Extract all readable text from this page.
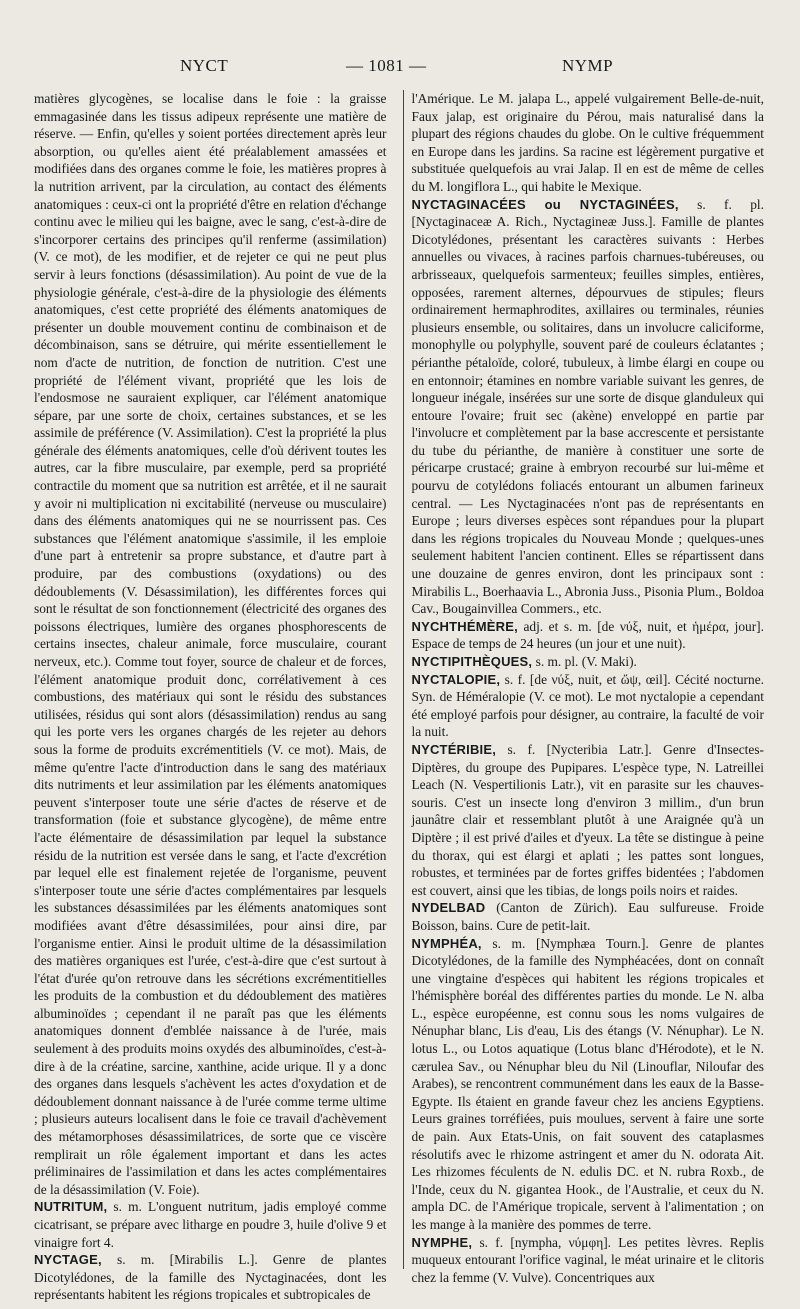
NYCT	— 1081 —	NYMP

matières glycogènes, se localise dans le foie : la graisse emmagasinée dans les tissus adipeux représente une matière de réserve. — Enfin, qu'elles y soient portées directement après leur absorption, ou qu'elles aient été préalablement amassées et modifiées dans des organes comme le foie, les matières propres à la nutrition arrivent, par la circulation, au contact des éléments anatomiques : ceux-ci ont la propriété d'être en relation d'échange continu avec le milieu qui les baigne, avec le sang, c'est-à-dire de s'incorporer certains des principes qu'il renferme (assimilation) (V. ce mot), de les modifier, et de rejeter ce qui ne peut plus servir à leurs fonctions (désassimilation). Au point de vue de la physiologie générale, c'est-à-dire de la physiologie des éléments anatomiques, c'est cette propriété des éléments anatomiques de présenter un double mouvement continu de combinaison et de décombinaison, sans se détruire, qui mérite essentiellement le nom d'acte de nutrition, de fonction de nutrition. C'est une propriété de l'élément vivant, propriété que les lois de l'endosmose ne sauraient expliquer, car l'élément anatomique sépare, par une sorte de choix, certaines substances, et se les assimile de préférence (V. Assimilation). C'est la propriété la plus générale des éléments anatomiques, celle d'où dérivent toutes les autres, car la fibre musculaire, par exemple, perd sa propriété contractile du moment que sa nutrition est arrêtée, et il ne saurait y avoir ni multiplication ni excitabilité (nerveuse ou musculaire) dans des éléments anatomiques qui ne se nourrissent pas. Ces substances que l'élément anatomique s'assimile, il les emploie d'une part à entretenir sa propre substance, et d'autre part à produire, par des combustions (oxydations) ou des dédoublements (V. Désassimilation), les différentes forces qui sont le résultat de son fonctionnement (électricité des organes des poissons électriques, lumière des organes phosphorescents de certains insectes, chaleur animale, force musculaire, courant nerveux, etc.). Comme tout foyer, source de chaleur et de forces, l'élément anatomique produit donc, corrélativement à ces combustions, des matériaux qui sont le résidu des substances utilisées, résidus qui sont alors (désassimilation) rendus au sang qui les porte vers les organes chargés de les rejeter au dehors sous la forme de produits excrémentitiels (V. ce mot). Mais, de même qu'entre l'acte d'introduction dans le sang des matériaux dits nutriments et leur assimilation par les éléments anatomiques peuvent s'interposer toute une série d'actes de réserve et de transformation (foie et substance glycogène), de même entre l'acte élémentaire de désassimilation par lequel la substance résidu de la nutrition est versée dans le sang, et l'acte d'excrétion par lequel elle est finalement rejetée de l'organisme, peuvent s'interposer toute une série d'actes complémentaires par lesquels les substances désassimilées par les éléments anatomiques sont modifiées avant d'être désassimilées, pour ainsi dire, par l'organisme entier. Ainsi le produit ultime de la désassimilation des matières organiques est l'urée, c'est-à-dire que c'est surtout à l'état d'urée qu'on retrouve dans les sécrétions excrémentitielles les produits de la combustion et du dédoublement des matières albuminoïdes ; cependant il ne paraît pas que les éléments anatomiques donnent d'emblée naissance à de l'urée, mais seulement à des produits moins oxydés des albuminoïdes, c'est-à-dire à de la créatine, sarcine, xanthine, acide urique. Il y a donc des organes dans lesquels s'achèvent les actes d'oxydation et de dédoublement donnant naissance à de l'urée comme terme ultime ; plusieurs auteurs localisent dans le foie ce travail d'achèvement des métamorphoses désassimilatrices, de sorte que ce viscère remplirait un rôle également important et dans les actes préliminaires de l'assimilation et dans les actes complémentaires de la désassimilation (V. Foie).

NUTRITUM, s. m. L'onguent nutritum, jadis employé comme cicatrisant, se prépare avec litharge en poudre 3, huile d'olive 9 et vinaigre fort 4.

NYCTAGE, s. m. [Mirabilis L.]. Genre de plantes Dicotylédones, de la famille des Nyctaginacées, dont les représentants habitent les régions tropicales et subtropicales de

l'Amérique. Le M. jalapa L., appelé vulgairement Belle-de-nuit, Faux jalap, est originaire du Pérou, mais naturalisé dans la plupart des régions chaudes du globe. On le cultive fréquemment en Europe dans les jardins. Sa racine est légèrement purgative et substituée quelquefois au vrai Jalap. Il en est de même de celles du M. longiflora L., qui habite le Mexique.

NYCTAGINACÉES ou NYCTAGINÉES, s. f. pl. [Nyctaginaceæ A. Rich., Nyctagineæ Juss.]. Famille de plantes Dicotylédones, présentant les caractères suivants : Herbes annuelles ou vivaces, à racines parfois charnues-tubéreuses, ou arbrisseaux, quelquefois sarmenteux; feuilles simples, entières, opposées, rarement alternes, dépourvues de stipules; fleurs ordinairement hermaphrodites, axillaires ou terminales, réunies plusieurs ensemble, ou solitaires, dans un involucre caliciforme, monophylle ou polyphylle, souvent paré de couleurs éclatantes ; périanthe pétaloïde, coloré, tubuleux, à limbe élargi en coupe ou en entonnoir; étamines en nombre variable suivant les genres, de longueur inégale, insérées sur une sorte de disque glanduleux qui entoure l'ovaire; fruit sec (akène) enveloppé en partie par l'involucre et complètement par la base accrescente et persistante du tube du périanthe, de manière à constituer une sorte de péricarpe crustacé; graine à embryon recourbé sur lui-même et pourvu de cotylédons foliacés entourant un albumen farineux central. — Les Nyctaginacées n'ont pas de représentants en Europe ; leurs diverses espèces sont répandues pour la plupart dans les régions tropicales du Nouveau Monde ; quelques-unes seulement habitent l'ancien continent. Elles se répartissent dans une douzaine de genres environ, dont les principaux sont : Mirabilis L., Boerhaavia L., Abronia Juss., Pisonia Plum., Boldoa Cav., Bougainvillea Commers., etc.

NYCHTHÉMÈRE, adj. et s. m. [de νύξ, nuit, et ἡμέρα, jour]. Espace de temps de 24 heures (un jour et une nuit).

NYCTIPITHÈQUES, s. m. pl. (V. Maki).

NYCTALOPIE, s. f. [de νύξ, nuit, et ὤψ, œil]. Cécité nocturne. Syn. de Héméralopie (V. ce mot). Le mot nyctalopie a cependant été employé parfois pour désigner, au contraire, la faculté de voir la nuit.

NYCTÉRIBIE, s. f. [Nycteribia Latr.]. Genre d'Insectes-Diptères, du groupe des Pupipares. L'espèce type, N. Latreillei Leach (N. Vespertilionis Latr.), vit en parasite sur les chauves-souris. C'est un insecte long d'environ 3 millim., d'un brun jaunâtre clair et ressemblant plutôt à une Araignée qu'à un Diptère ; il est privé d'ailes et d'yeux. La tête se distingue à peine du thorax, qui est élargi et aplati ; les pattes sont longues, robustes, et terminées par de fortes griffes bidentées ; l'abdomen est couvert, ainsi que les tibias, de longs poils noirs et raides.

NYDELBAD (Canton de Zürich). Eau sulfureuse. Froide Boisson, bains. Cure de petit-lait.

NYMPHÉA, s. m. [Nymphæa Tourn.]. Genre de plantes Dicotylédones, de la famille des Nymphéacées, dont on connaît une vingtaine d'espèces qui habitent les régions tropicales et l'hémisphère boréal des différentes parties du monde. Le N. alba L., espèce européenne, est connu sous les noms vulgaires de Nénuphar blanc, Lis d'eau, Lis des étangs (V. Nénuphar). Le N. lotus L., ou Lotos aquatique (Lotus blanc d'Hérodote), et le N. cærulea Sav., ou Nénuphar bleu du Nil (Linouflar, Niloufar des Arabes), se rencontrent communément dans les eaux de la Basse-Egypte. Ils étaient en grande faveur chez les anciens Egyptiens. Leurs graines torréfiées, puis moulues, servent à faire une sorte de pain. Aux Etats-Unis, on fait souvent des cataplasmes résolutifs avec le rhizome astringent et amer du N. odorata Ait. Les rhizomes féculents de N. edulis DC. et N. rubra Roxb., de l'Inde, ceux du N. gigantea Hook., de l'Australie, et ceux du N. ampla DC. de l'Amérique tropicale, servent à l'alimentation ; on les mange à la manière des pommes de terre.

NYMPHE, s. f. [nympha, νύμφη]. Les petites lèvres. Replis muqueux entourant l'orifice vaginal, le méat urinaire et le clitoris chez la femme (V. Vulve). Concentriques aux
